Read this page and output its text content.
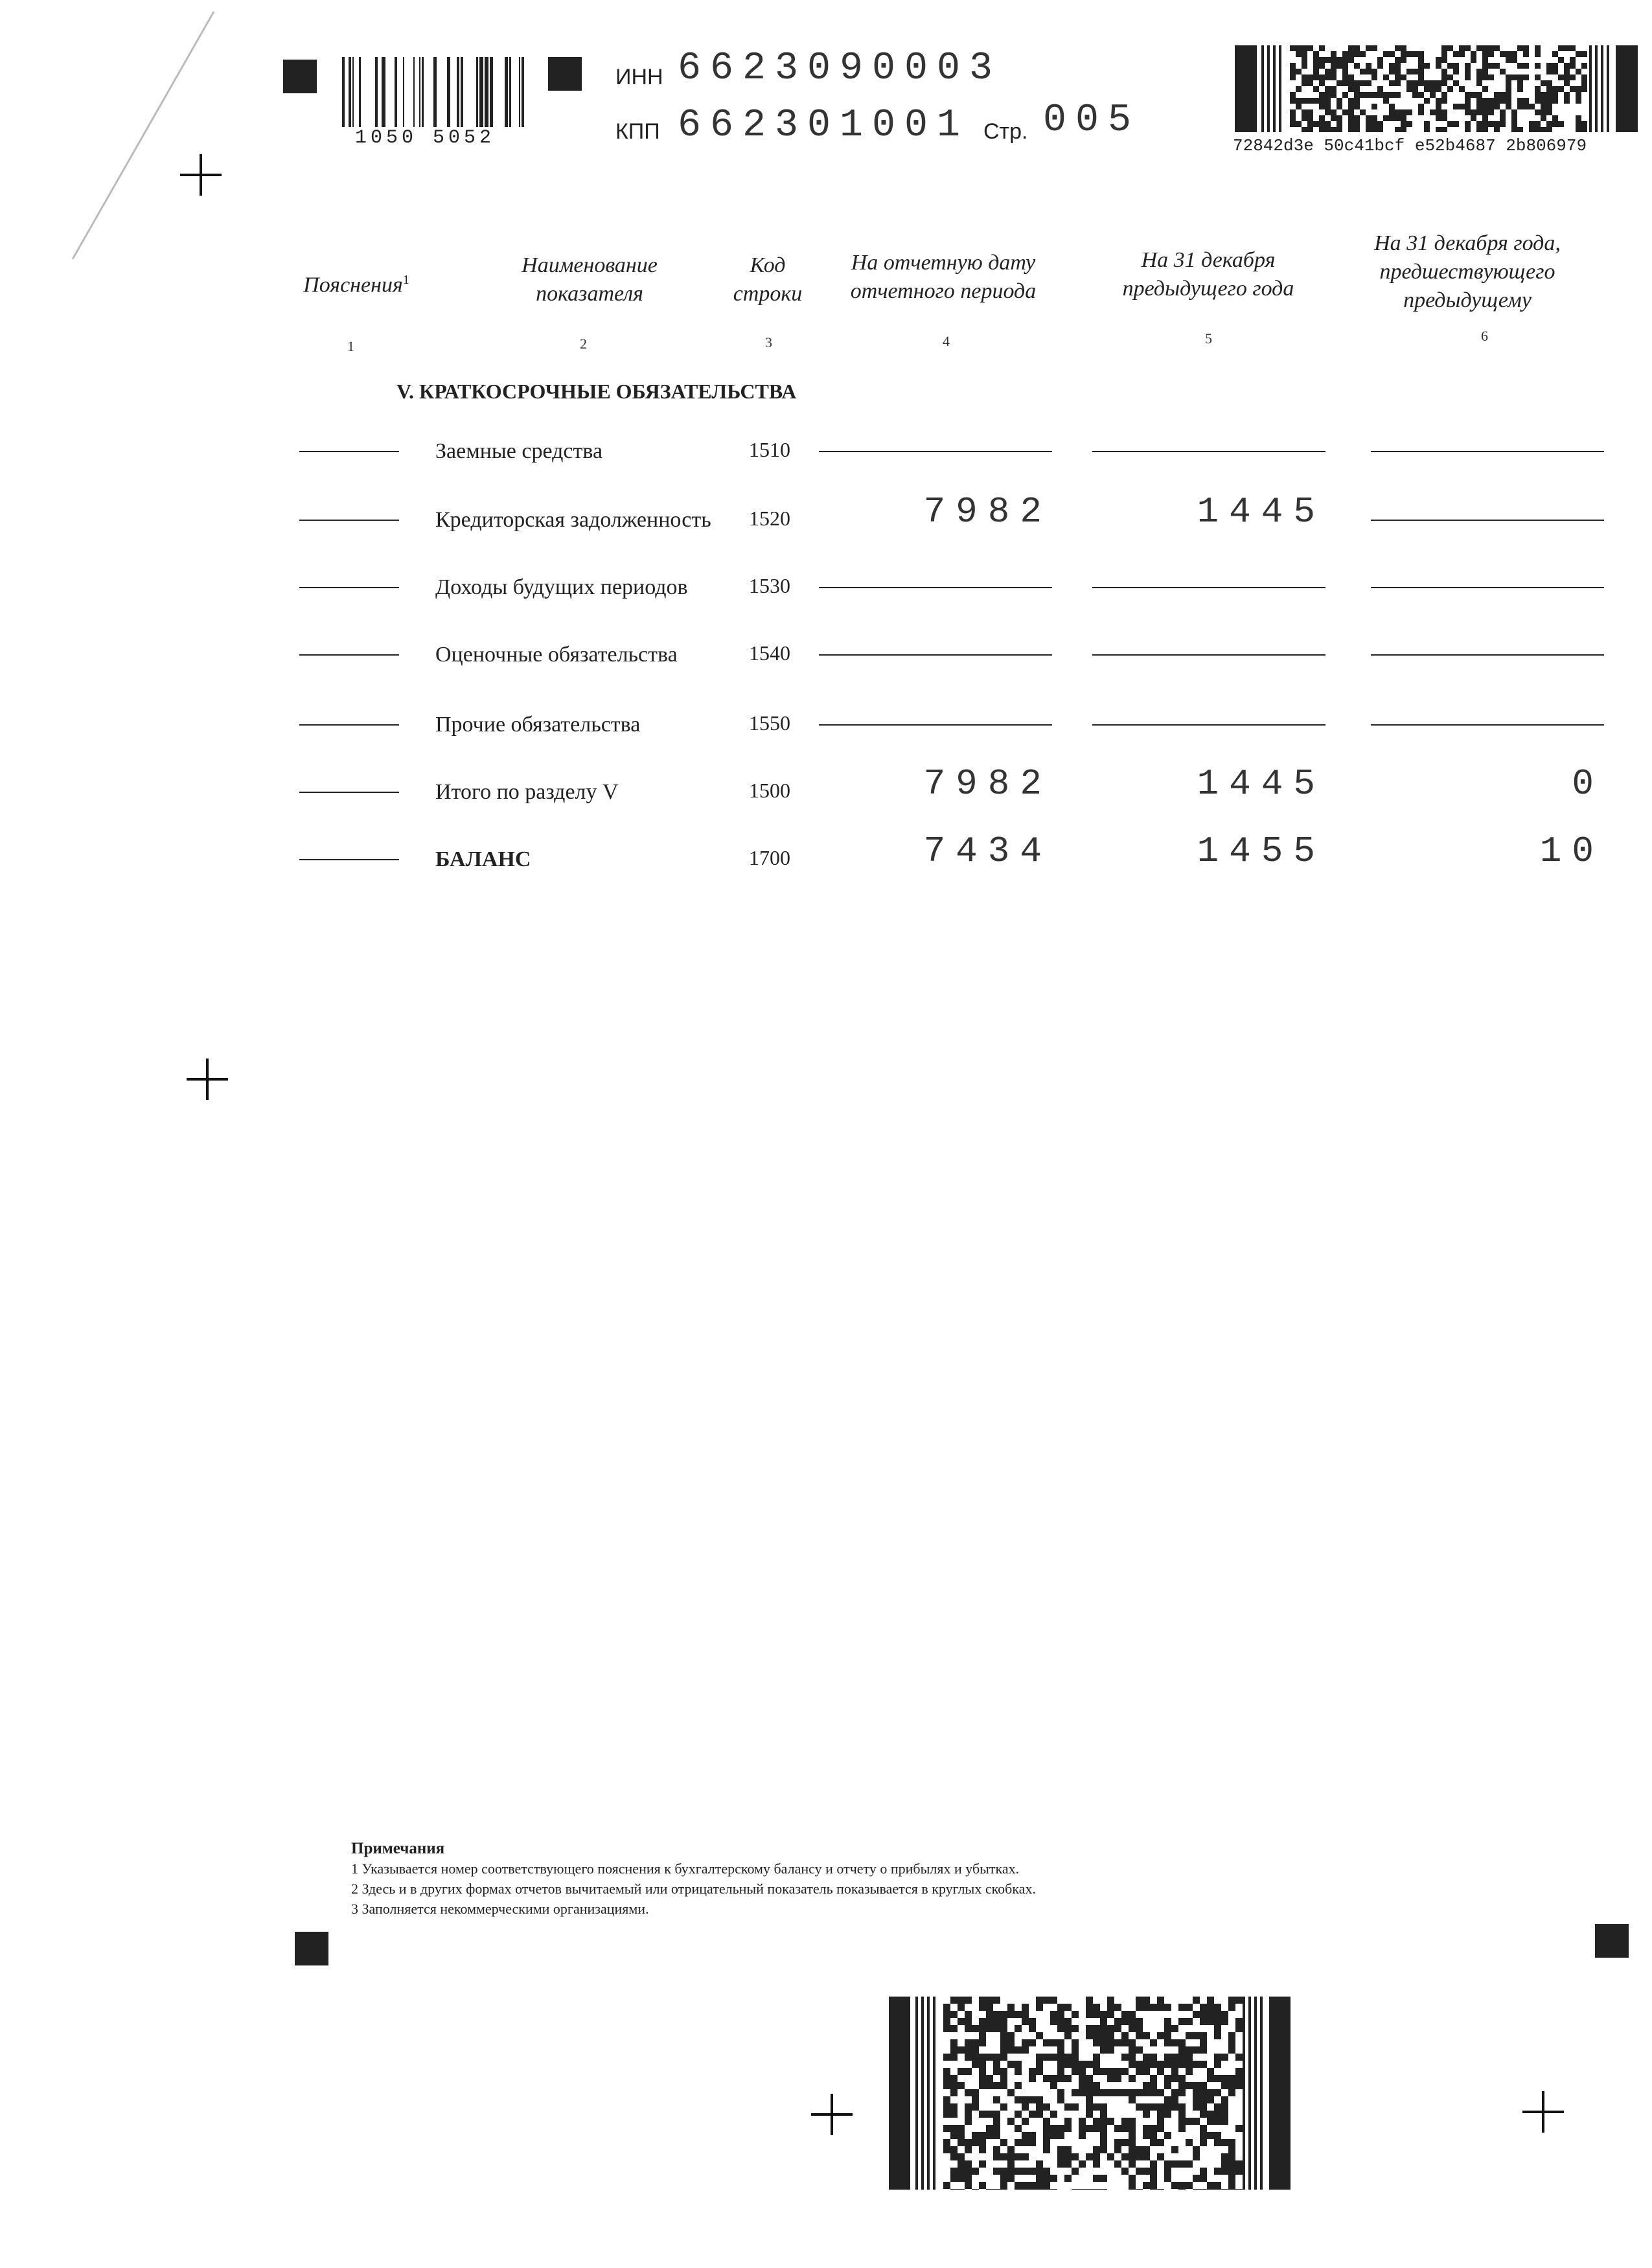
1050 5052
ИНН 6623090003
КПП 662301001 Стр. 005
72842d3e 50c41bcf e52b4687 2b806979
Пояснения$^1$
Наименование показателя
Код строки
На отчетную дату отчетного периода
На 31 декабря предыдущего года
На 31 декабря года, предшествующего предыдущему
1	2	3	4	5	6
V. КРАТКОСРОЧНЫЕ ОБЯЗАТЕЛЬСТВА
Заемные средства	1510
Кредиторская задолженность 1520	7982	1445
Доходы будущих периодов	1530
Оценочные обязательства	1540
Прочие обязательства	1550
Итого по разделу V	1500	7982	1445	0
БАЛАНС	1700	7434	1455	10
Примечания
1 Указывается номер соответствующего пояснения к бухгалтерскому балансу и отчету о прибылях и убытках.
2 Здесь и в других формах отчетов вычитаемый или отрицательный показатель показывается в круглых скобках.
3 Заполняется некоммерческими организациями.
